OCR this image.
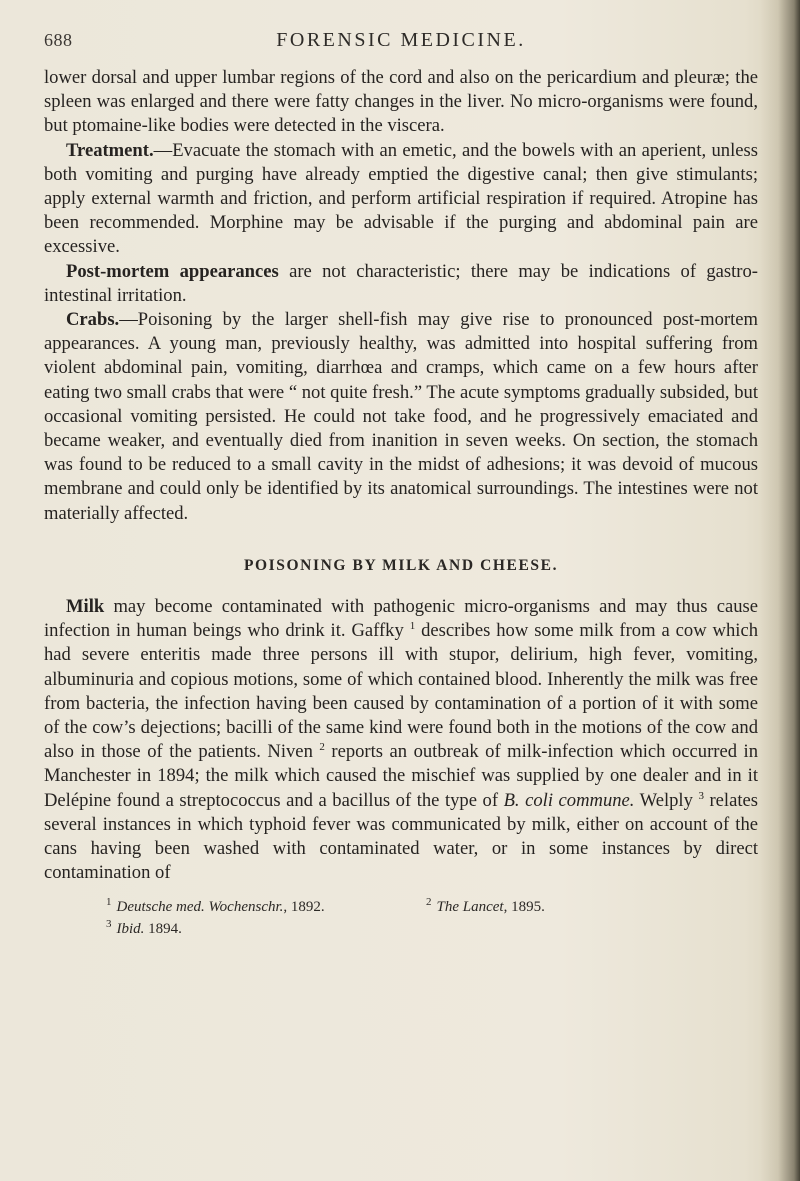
688	FORENSIC MEDICINE.

lower dorsal and upper lumbar regions of the cord and also on the pericardium and pleuræ; the spleen was enlarged and there were fatty changes in the liver. No micro-organisms were found, but ptomaine-like bodies were detected in the viscera.

Treatment.—Evacuate the stomach with an emetic, and the bowels with an aperient, unless both vomiting and purging have already emptied the digestive canal; then give stimulants; apply external warmth and friction, and perform artificial respiration if required. Atropine has been recommended. Morphine may be advisable if the purging and abdominal pain are excessive.

Post-mortem appearances are not characteristic; there may be indications of gastro-intestinal irritation.

Crabs.—Poisoning by the larger shell-fish may give rise to pronounced post-mortem appearances. A young man, previously healthy, was admitted into hospital suffering from violent abdominal pain, vomiting, diarrhœa and cramps, which came on a few hours after eating two small crabs that were “ not quite fresh.” The acute symptoms gradually subsided, but occasional vomiting persisted. He could not take food, and he progressively emaciated and became weaker, and eventually died from inanition in seven weeks. On section, the stomach was found to be reduced to a small cavity in the midst of adhesions; it was devoid of mucous membrane and could only be identified by its anatomical surroundings. The intestines were not materially affected.

POISONING BY MILK AND CHEESE.

Milk may become contaminated with pathogenic micro-organisms and may thus cause infection in human beings who drink it. Gaffky $^1$ describes how some milk from a cow which had severe enteritis made three persons ill with stupor, delirium, high fever, vomiting, albuminuria and copious motions, some of which contained blood. Inherently the milk was free from bacteria, the infection having been caused by contamination of a portion of it with some of the cow’s dejections; bacilli of the same kind were found both in the motions of the cow and also in those of the patients. Niven $^2$ reports an outbreak of milk-infection which occurred in Manchester in 1894; the milk which caused the mischief was supplied by one dealer and in it Delépine found a streptococcus and a bacillus of the type of B. coli commune. Welply $^3$ relates several instances in which typhoid fever was communicated by milk, either on account of the cans having been washed with contaminated water, or in some instances by direct contamination of

$^1$ Deutsche med. Wochenschr., 1892.	$^2$ The Lancet, 1895.
$^3$ Ibid. 1894.
